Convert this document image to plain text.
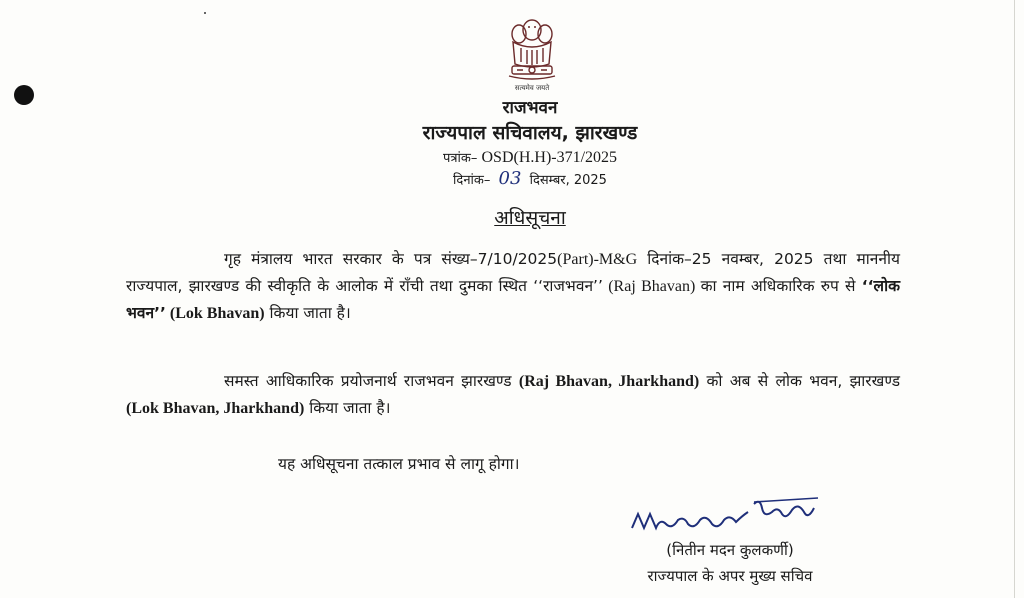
सत्यमेव जयते
राजभवन
राज्यपाल सचिवालय, झारखण्ड
पत्रांक– OSD(H.H)-371/2025
दिनांक– 03 दिसम्बर, 2025
अधिसूचना
गृह मंत्रालय भारत सरकार के पत्र संख्य–7/10/2025(Part)-M&G दिनांक–25 नवम्बर, 2025 तथा माननीय राज्यपाल, झारखण्ड की स्वीकृति के आलोक में राँची तथा दुमका स्थित ‘‘राजभवन’’ (Raj Bhavan) का नाम अधिकारिक रुप से ‘‘लोक भवन’’ (Lok Bhavan) किया जाता है।
समस्त आधिकारिक प्रयोजनार्थ राजभवन झारखण्ड (Raj Bhavan, Jharkhand) को अब से लोक भवन, झारखण्ड (Lok Bhavan, Jharkhand) किया जाता है।
यह अधिसूचना तत्काल प्रभाव से लागू होगा।
(नितीन मदन कुलकर्णी)
राज्यपाल के अपर मुख्य सचिव
